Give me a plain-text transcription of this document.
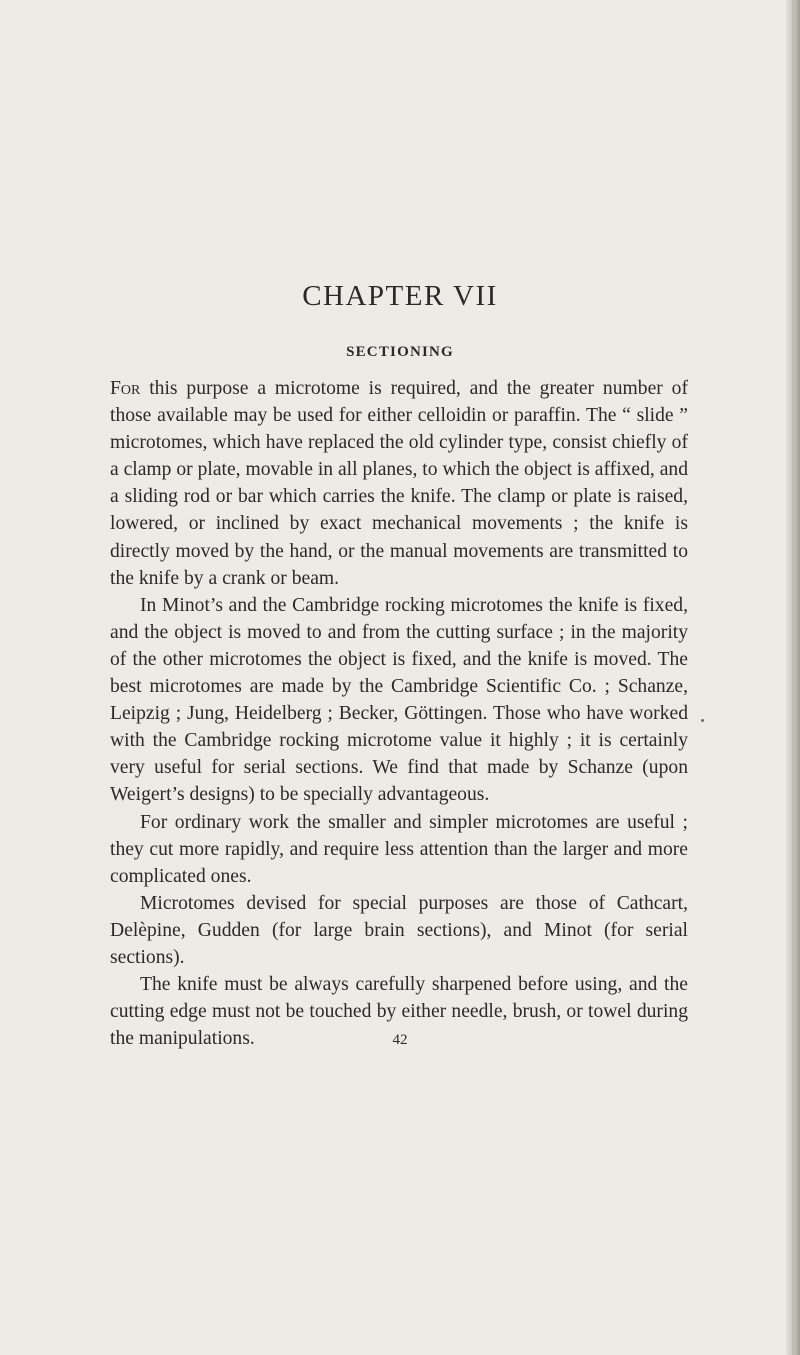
CHAPTER VII
SECTIONING

For this purpose a microtome is required, and the greater number of those available may be used for either celloidin or paraffin. The “ slide ” microtomes, which have replaced the old cylinder type, consist chiefly of a clamp or plate, movable in all planes, to which the object is affixed, and a sliding rod or bar which carries the knife. The clamp or plate is raised, lowered, or inclined by exact mechanical movements ; the knife is directly moved by the hand, or the manual movements are transmitted to the knife by a crank or beam.

In Minot’s and the Cambridge rocking microtomes the knife is fixed, and the object is moved to and from the cutting surface ; in the majority of the other microtomes the object is fixed, and the knife is moved. The best microtomes are made by the Cambridge Scientific Co. ; Schanze, Leipzig ; Jung, Heidelberg ; Becker, Göttingen. Those who have worked with the Cambridge rocking microtome value it highly ; it is certainly very useful for serial sections. We find that made by Schanze (upon Weigert’s designs) to be specially advantageous.

For ordinary work the smaller and simpler microtomes are useful ; they cut more rapidly, and require less attention than the larger and more complicated ones.

Microtomes devised for special purposes are those of Cathcart, Delèpine, Gudden (for large brain sections), and Minot (for serial sections).

The knife must be always carefully sharpened before using, and the cutting edge must not be touched by either needle, brush, or towel during the manipulations.	42
